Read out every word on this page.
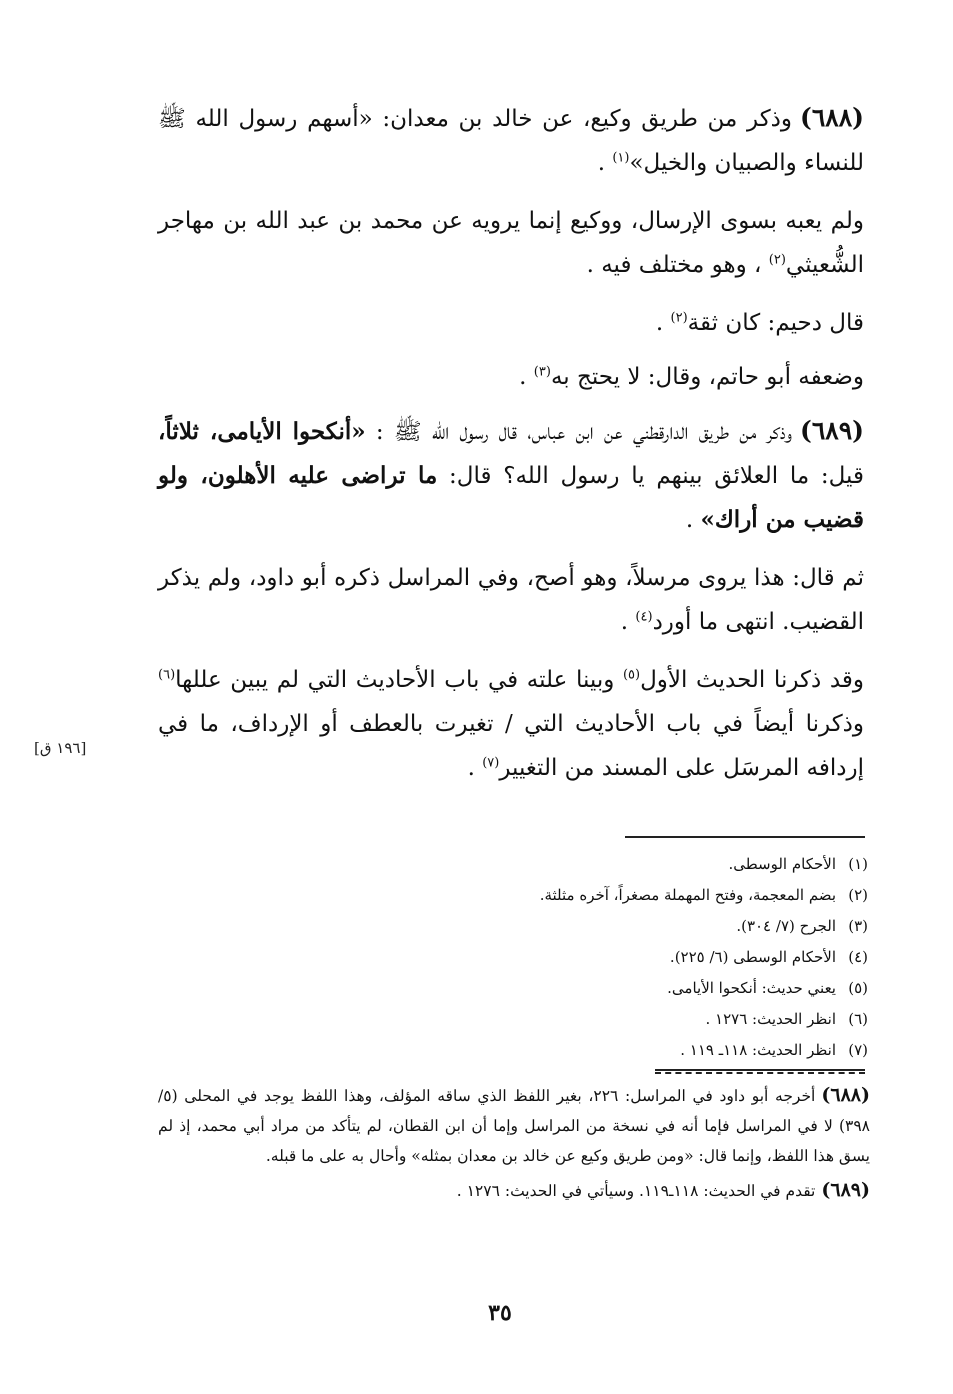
(٦٨٨)وذكر من طريق وكيع، عن خالد بن معدان: «أسهم رسول الله ﷺ للنساء والصبيان والخيل»$^{(١)}$ .

ولم يعبه بسوى الإرسال، ووكيع إنما يرويه عن محمد بن عبد الله بن مهاجر الشُّعيثي$^{(٢)}$ ، وهو مختلف فيه .

قال دحيم: كان ثقة$^{(٢)}$ .

وضعفه أبو حاتم، وقال: لا يحتج به$^{(٣)}$ .

(٦٨٩)وذكر من طريق الدارقطني عن ابن عباس، قال رسول الله ﷺ : «أنكحوا الأيامى، ثلاثاً، قيل: ما العلائق بينهم يا رسول الله؟ قال: ما تراضى عليه الأهلون، ولو قضيب من أراك» .

ثم قال: هذا يروى مرسلاً، وهو أصح، وفي المراسل ذكره أبو داود، ولم يذكر القضيب. انتهى ما أورد$^{(٤)}$ .

وقد ذكرنا الحديث الأول$^{(٥)}$ وبينا علته في باب الأحاديث التي لم يبين عللها$^{(٦)}$ وذكرنا أيضاً في باب الأحاديث التي / تغيرت بالعطف أو الإرداف، ما في إردافه المرسَل على المسند من التغيير$^{(٧)}$ .

[١٩٦ ق]
(١)الأحكام الوسطى.
(٢)بضم المعجمة، وفتح المهملة مصغراً، آخره مثلثة.
(٣)الجرح (٧/ ٣٠٤).
(٤)الأحكام الوسطى (٦/ ٢٢٥).
(٥)يعني حديث: أنكحوا الأيامى.
(٦)انظر الحديث: ١٢٧٦ .
(٧)انظر الحديث: ١١٨ـ ١١٩ .

(٦٨٨)أخرجه أبو داود في المراسل: ٢٢٦، بغير اللفظ الذي ساقه المؤلف، وهذا اللفظ يوجد في المحلى (٥/ ٣٩٨) لا في المراسل فإما أنه في نسخة من المراسل وإما أن ابن القطان، لم يتأكد من مراد أبي محمد، إذ لم يسق هذا اللفظ، وإنما قال: «ومن طريق وكيع عن خالد بن معدان بمثله» وأحال به على ما قبله.

(٦٨٩)تقدم في الحديث: ١١٨ـ١١٩. وسيأتي في الحديث: ١٢٧٦ .

٣٥
